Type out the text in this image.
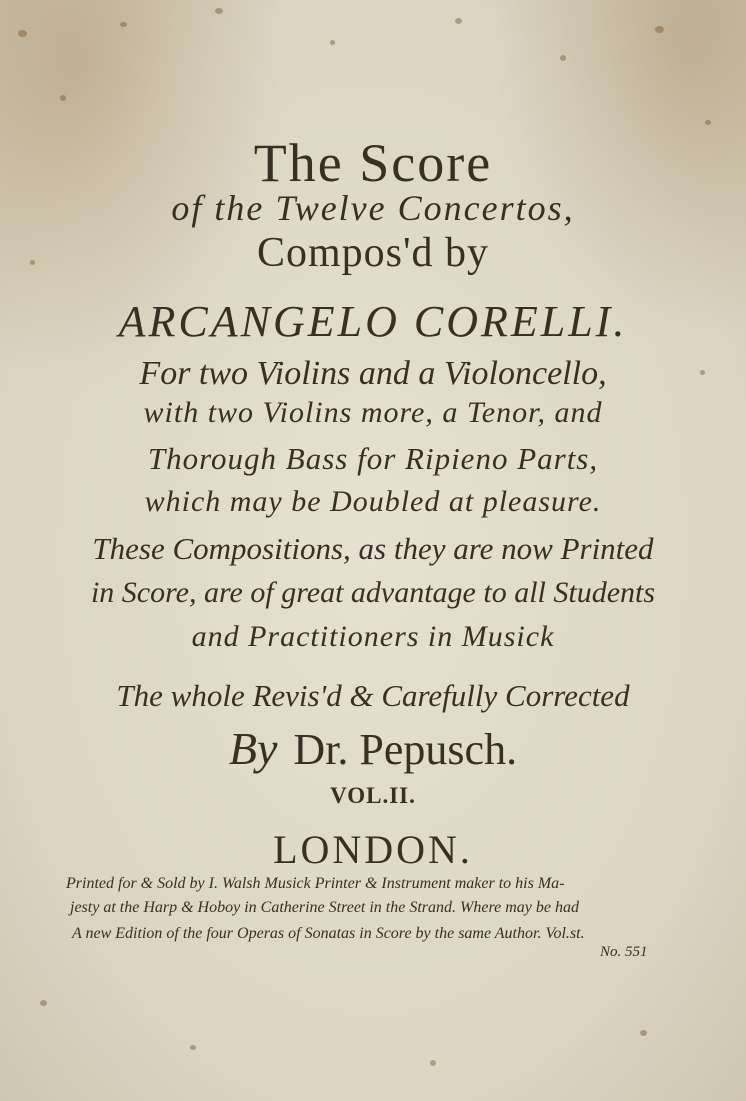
The Score
of the Twelve Concertos,
Compos'd by
ARCANGELO CORELLI.
For two Violins and a Violoncello,
with two Violins more, a Tenor, and
Thorough Bass for Ripieno Parts,
which may be Doubled at pleasure.
These Compositions, as they are now Printed
in Score, are of great advantage to all Students
and Practitioners in Musick
The whole Revis'd & Carefully Corrected
By Dr. Pepusch.
VOL.II.
LONDON.
Printed for & Sold by I. Walsh Musick Printer & Instrument maker to his Ma-
jesty at the Harp & Hoboy in Catherine Street in the Strand. Where may be had
A new Edition of the four Operas of Sonatas in Score by the same Author. Vol.st.
No. 551
